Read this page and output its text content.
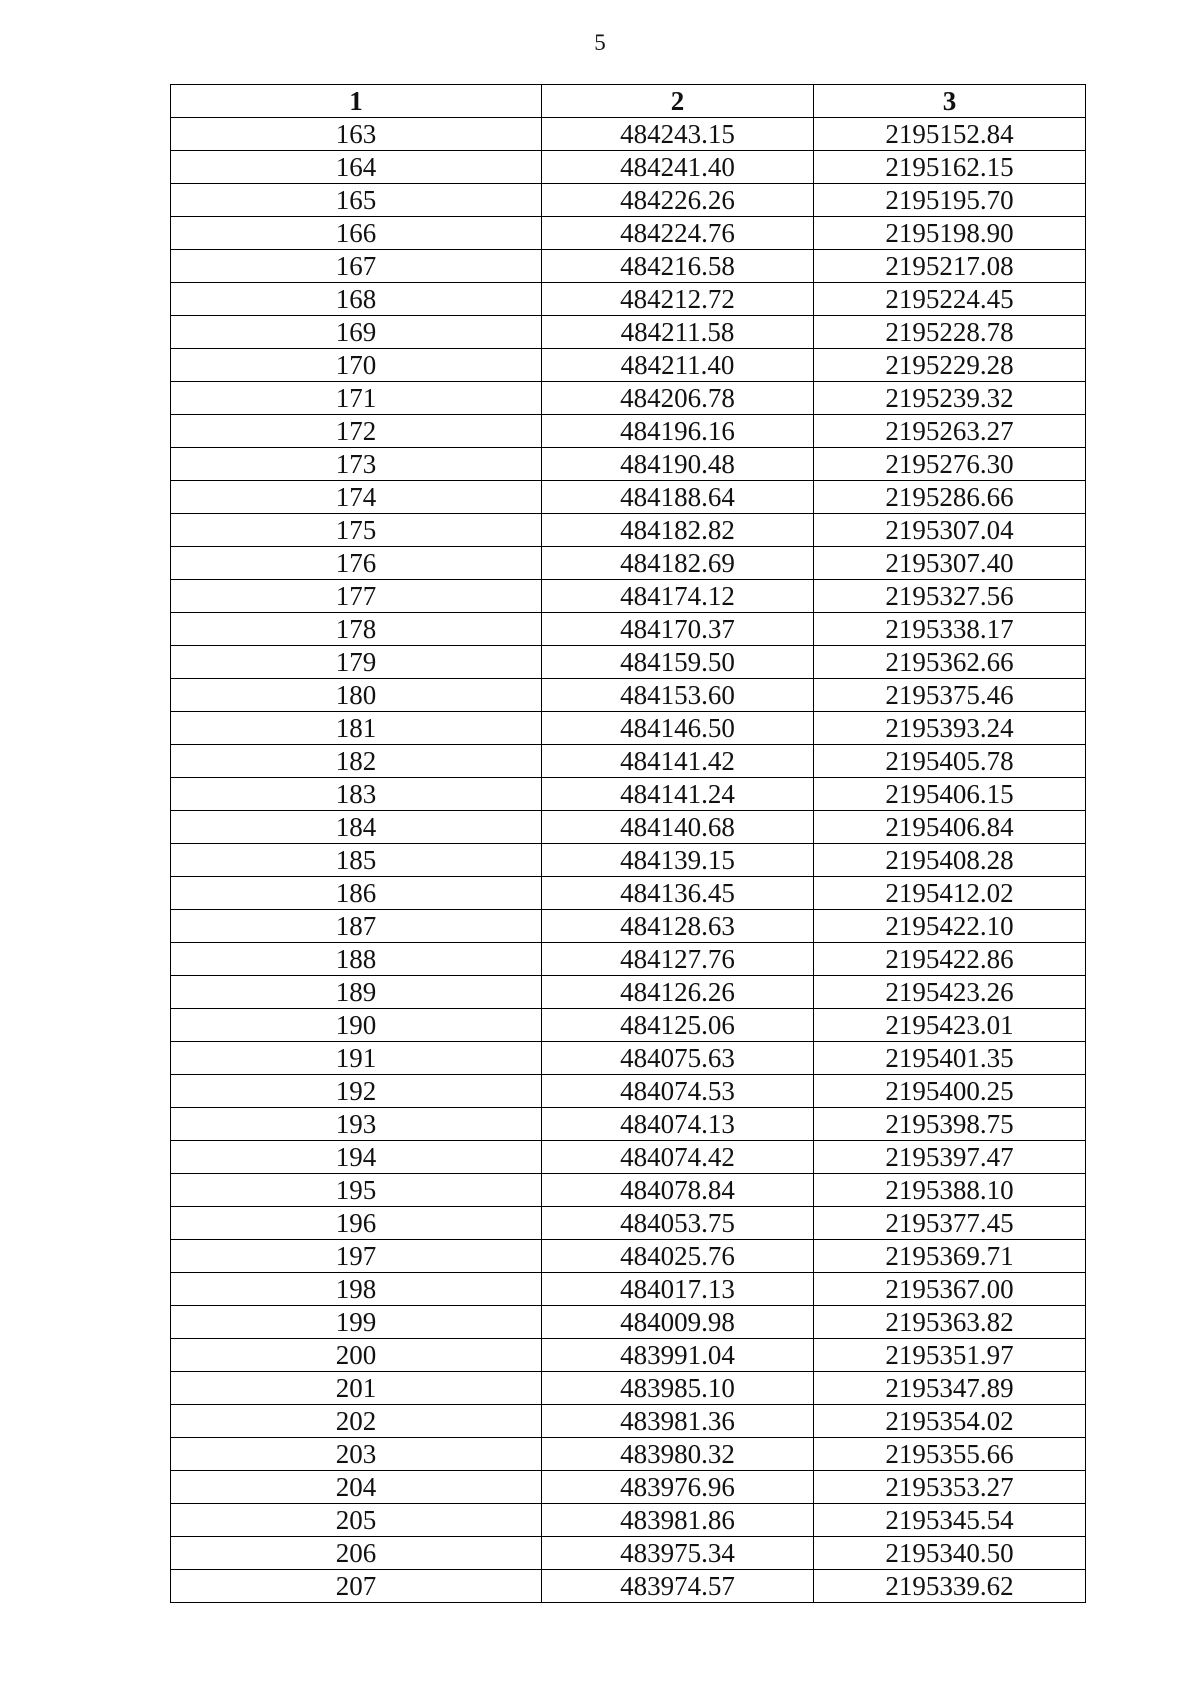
5
1	2	3
163	484243.15	2195152.84
164	484241.40	2195162.15
165	484226.26	2195195.70
166	484224.76	2195198.90
167	484216.58	2195217.08
168	484212.72	2195224.45
169	484211.58	2195228.78
170	484211.40	2195229.28
171	484206.78	2195239.32
172	484196.16	2195263.27
173	484190.48	2195276.30
174	484188.64	2195286.66
175	484182.82	2195307.04
176	484182.69	2195307.40
177	484174.12	2195327.56
178	484170.37	2195338.17
179	484159.50	2195362.66
180	484153.60	2195375.46
181	484146.50	2195393.24
182	484141.42	2195405.78
183	484141.24	2195406.15
184	484140.68	2195406.84
185	484139.15	2195408.28
186	484136.45	2195412.02
187	484128.63	2195422.10
188	484127.76	2195422.86
189	484126.26	2195423.26
190	484125.06	2195423.01
191	484075.63	2195401.35
192	484074.53	2195400.25
193	484074.13	2195398.75
194	484074.42	2195397.47
195	484078.84	2195388.10
196	484053.75	2195377.45
197	484025.76	2195369.71
198	484017.13	2195367.00
199	484009.98	2195363.82
200	483991.04	2195351.97
201	483985.10	2195347.89
202	483981.36	2195354.02
203	483980.32	2195355.66
204	483976.96	2195353.27
205	483981.86	2195345.54
206	483975.34	2195340.50
207	483974.57	2195339.62
